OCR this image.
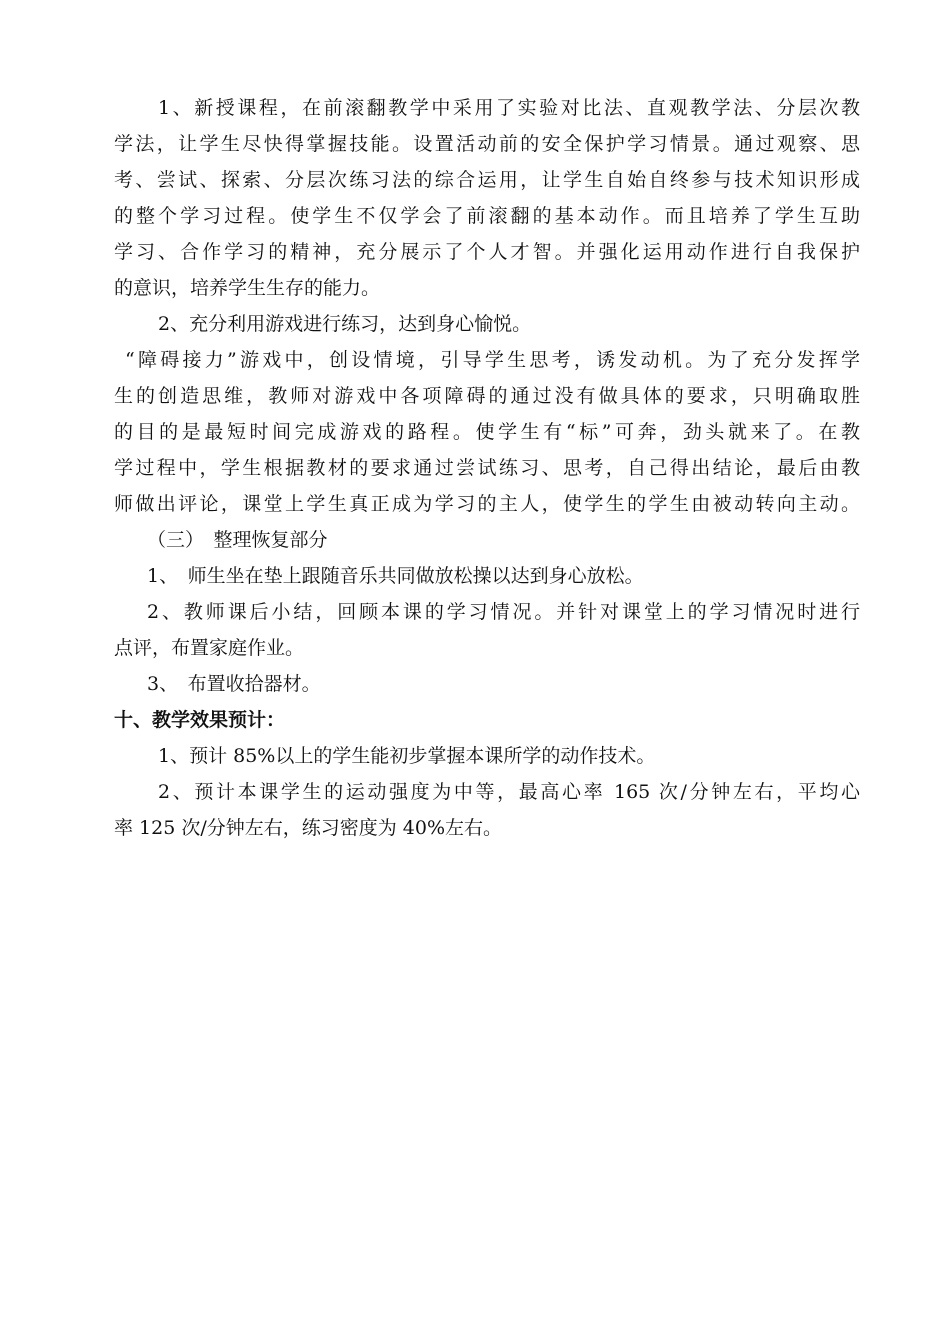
1、新授课程，在前滚翻教学中采用了实验对比法、直观教学法、分层次教
学法，让学生尽快得掌握技能。设置活动前的安全保护学习情景。通过观察、思
考、尝试、探索、分层次练习法的综合运用，让学生自始自终参与技术知识形成
的整个学习过程。使学生不仅学会了前滚翻的基本动作。而且培养了学生互助
学习、合作学习的精神，充分展示了个人才智。并强化运用动作进行自我保护
的意识，培养学生生存的能力。
2、充分利用游戏进行练习，达到身心愉悦。
“障碍接力”游戏中，创设情境，引导学生思考，诱发动机。为了充分发挥学
生的创造思维，教师对游戏中各项障碍的通过没有做具体的要求，只明确取胜
的目的是最短时间完成游戏的路程。使学生有“标”可奔，劲头就来了。在教
学过程中，学生根据教材的要求通过尝试练习、思考，自己得出结论，最后由教
师做出评论，课堂上学生真正成为学习的主人，使学生的学生由被动转向主动。
（三）　整理恢复部分
1、　师生坐在垫上跟随音乐共同做放松操以达到身心放松。
2、教师课后小结，回顾本课的学习情况。并针对课堂上的学习情况时进行
点评，布置家庭作业。
3、　布置收拾器材。
十、教学效果预计：
1、预计 85%以上的学生能初步掌握本课所学的动作技术。
2、预计本课学生的运动强度为中等，最高心率 165 次/分钟左右，平均心
率 125 次/分钟左右，练习密度为 40%左右。
